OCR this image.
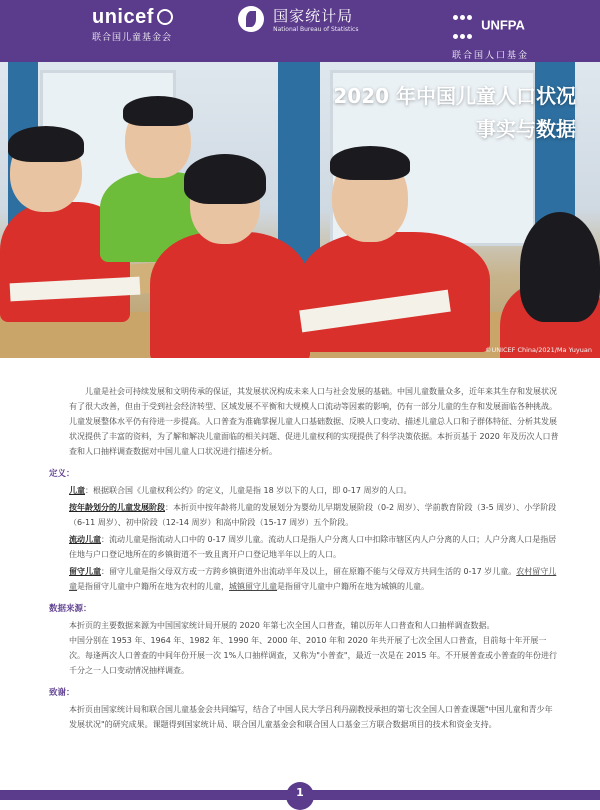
unicef
联合国儿童基金会

国家统计局
National Bureau of Statistics	UNFPA
联合国人口基金
2020 年中国儿童人口状况
事实与数据
©UNICEF China/2021/Ma Yuyuan

儿童是社会可持续发展和文明传承的保证，其发展状况构成未来人口与社会发展的基础。中国儿童数量众多，近年来其生存和发展状况有了很大改善，但由于受到社会经济转型、区域发展不平衡和大规模人口流动等因素的影响，仍有一部分儿童的生存和发展面临各种挑战。儿童发展整体水平仍有待进一步提高。人口普查为准确掌握儿童人口基础数据、反映人口变动、描述儿童总人口和子群体特征、分析其发展状况提供了丰富的资料，为了解和解决儿童面临的相关问题、促进儿童权利的实现提供了科学决策依据。本折页基于 2020 年及历次人口普查和人口抽样调查数据对中国儿童人口状况进行描述分析。

定义：

儿童：根据联合国《儿童权利公约》的定义，儿童是指 18 岁以下的人口，即 0-17 周岁的人口。

按年龄划分的儿童发展阶段：本折页中按年龄将儿童的发展划分为婴幼儿早期发展阶段（0-2 周岁）、学前教育阶段（3-5 周岁）、小学阶段（6-11 周岁）、初中阶段（12-14 周岁）和高中阶段（15-17 周岁）五个阶段。

流动儿童：流动儿童是指流动人口中的 0-17 周岁儿童。流动人口是指人户分离人口中扣除市辖区内人户分离的人口；人户分离人口是指居住地与户口登记地所在的乡镇街道不一致且离开户口登记地半年以上的人口。

留守儿童：留守儿童是指父母双方或一方跨乡镇街道外出流动半年及以上，留在原籍不能与父母双方共同生活的 0-17 岁儿童。农村留守儿童是指留守儿童中户籍所在地为农村的儿童，城镇留守儿童是指留守儿童中户籍所在地为城镇的儿童。

数据来源：

本折页的主要数据来源为中国国家统计局开展的 2020 年第七次全国人口普查，辅以历年人口普查和人口抽样调查数据。

中国分别在 1953 年、1964 年、1982 年、1990 年、2000 年、2010 年和 2020 年共开展了七次全国人口普查，目前每十年开展一次。每逢两次人口普查的中间年份开展一次 1%人口抽样调查，又称为"小普查"，最近一次是在 2015 年。不开展普查或小普查的年份进行千分之一人口变动情况抽样调查。

致谢：

本折页由国家统计局和联合国儿童基金会共同编写，结合了中国人民大学吕利丹副教授承担的第七次全国人口普查课题"中国儿童和青少年发展状况"的研究成果。课题得到国家统计局、联合国儿童基金会和联合国人口基金三方联合数据项目的技术和资金支持。

1
